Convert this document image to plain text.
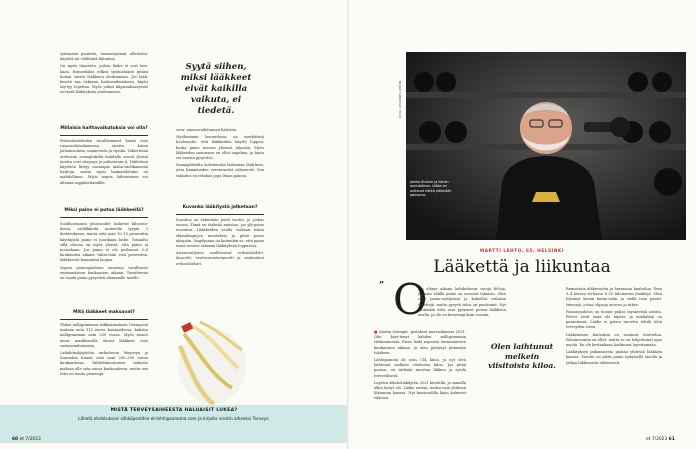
sytmiseen puutetta, tunnustyismiä, alkoholin-käyttöä tai väliltöntä liikuntaa.

On myös tilanteita, joiloin lääke ei sovi lain-kaan. Esimerkiksi selkeä syömishäiriö pitäisi hoitaa ennen lääkkeen aloittamista. Jos lääk-keestä saa vakavan haittavaikutuksen, käytti täy-tyy lopettaa. Myös jotkut kilpirauhassyövät es-tävät lääkityksen aloittamisen.

Millaisia haittavaikutuksia voi olla?

Pistovalmisteiden tavallisimmat haitat ovat ruoansulatuskanavan oireita, kuten pahoinvointia, ummetusta ja ripulia. Tabletteina otettavan semaglutidin kohdalla voivat yleisiä oireita ovat väsymys ja pahoinvoin-ti. Tablettien käyttöön liittyy useampia maha-suolikanavan haittoja, mutta myös haimatulehdus on mahdollinen. Myös nopea laihtuminen voi altistaa sappikivitaudille.

Miksi paino ei putoa lääkkeellä?

Suolihormonin pitoisuudet laskevat kilvarau-dessa, eriiläkkeitä saataville tyypin 2 diabetekseen, mutta siitä noin 10–15 prosenttia käyttäjistä paino ei juurikaan laske. Toisaalta sillä ohessa on myös yleistä, että paino ei nousekaan. Jos paino ei ole pudonnut 5–6 kuukauden aikana vähin-tään viisi prosenttia, lääkkeestä kannattaa luopua.

Nopea painonpudotus onnistuu tavallisesti ensimmäisten kuukausien aikana. Tavoitteena on saada paino pysyvästi alemmalle tasolle.

Mitä lääkkeet maksavat?

Yhden milligramman viikkoannoksen Ozempiciä maksaa noin 115 euroa kuukaudessa, kahden milligramman noin 230 euroa. Myös monet muut markkinoilla olevat lääkkeet ovat vastaavanhintaisia.

Laihdutuskäyttöön tarkoitetun Wegovyn ja Saxendan hinnat ovat noin 200–300 euroa kuukaudessa. Tablettimuotoinen valmiste maksaa alle sata euroa kuukaudessa, mutta sen teho on muita pienempi.

Syytä siihen, miksi lääkkeet eivät kaikilla vaikuta, ei tiedetä.

seva- aineenvaihdunnan häiriöön.

Myöhemmin kuvuudessa on merkittävä huolenaihe, että lääkkeiden käyttö loppuu, koska paino nousee yleensä takaisin. Myös läkkeeden saatavuus on ollut ongelma, ja hinta voi nousta pysyvästi.

Senaagluttidin kolesterolia lasketaan lääk-kein, jotta kammioiden verenvuodot vähenevät. Sen vaikutus on tehokas jopa ilman painoa.

Kuvanko lääkitystä jatketaan?

Suositus on vähintään puoli vuotta, ja joskus vuosia. Tämä on tärkeää muistaa, jos ylä-paino uusiutuu. Lääkkeiden avulla voidaan tukea elämäntapojen muutoksia ja pitää paino alaspäin. Ongelmana on kuitenkin se, että paino usein nousee takaisin lääkityksen loppuessa.

Asiantuntijoina osallistuivat erikoislääkäri, dosentti, ravitsemusterapeutti ja sisätautien erikoislääkäri.

MISTÄ TERVEYSAIHEESTA HALUAISIT LUKEA?
Lähetä ehdotuksesi sähköpostitse et-lehti@sanoma.com ja kirjoita viestin aiheeksi Terveys.
60 et 7/2023
KUVA: JOHANNES WIEHN
← Jarkko Kivinen ja hänen ammattinsa. Lääke on auttanut häntä pitämään painonsa.
MARTTI LEHTO, 65, HELSINKI
Lääkettä ja liikuntaa
” O

len elänyt aikana laihduttanut satoja ki-loja, joissain välillä paino on noussut takaisin. Olen ollut paino-vartijoissa ja kokeillut erilaisia dieettejä, mutta pysyvä tulos on puuttunut. Nyt kuitenkin kilot ovat pysyneet poissa lääkkeen avulla, ja olo on kevyempi kuin vuosiin.

■ Aloitin Ozempic -pistokset marraskuussa 2021. Olin käyt-tänyt kahden milligramman viikkoannosta. Paino laski nopeasti ensimmäisten kuukausien aikana, ja olen pystynyt pitämään tuloksen.

Lähtöpainoni oli noin 114 kiloa, ja nyt olen laihtunut melkein viisitoista kiloa. Jos pitää painon, on tärkeää muistaa liikkua ja syödä terveellisesti.

Lopetin alkoholinkäytön 2021 keväällä, ja samalla alkoi kevyt olo. Lääke auttaa, mutta vain yhdessä liikunnan kanssa. Nyt kuntosalilla käyn kolmesti viikossa.

Olen laihtunut melkein viisitoista kiloa.

Remontoin eläkevuotta ja harrastan kuntoilua. Teen 3–4 kertaa vii-kossa 8–10 kilometrin lenkkejä. Olen löytänyt kevan kunto-salin, ja siellä teen puntti-treenejä, joissa ohjaaja neuvoo ja tukee.

Painonpudotus on tuonut paljon myönteisiä asioita. Polvet eivät enää ole kipeät, ja mielialani on parantunut. Lääke ei poista tarvetta tehdä töitä terveyden eteen.

Lääkeminen kuitenkin on vaatinut totuttelua. Pahoinvointia on ollut, mutta se on helpottanut ajan myötä. En ole kertaakaan harkinnut lopettamista.

Lääkityksen jatkamisesta päätän yhdessä lääkärin kanssa. Tavoite on pitää paino nykyisellä tasolla ja jatkaa liikkumista aktiivisesti.

et 7/2023 61
